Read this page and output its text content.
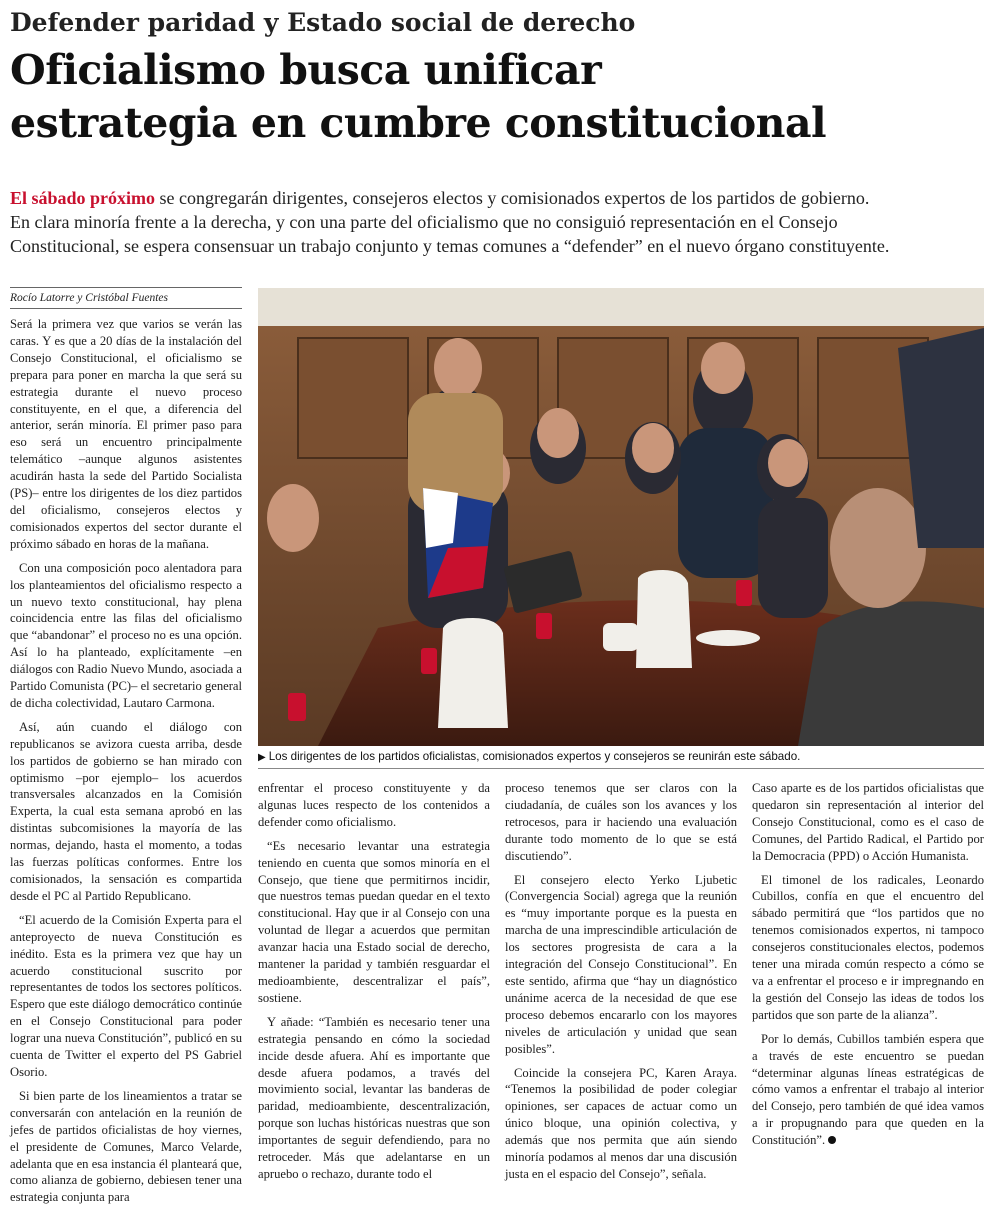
Defender paridad y Estado social de derecho
Oficialismo busca unificar
estrategia en cumbre constitucional
El sábado próximo se congregarán dirigentes, consejeros electos y comisionados expertos de los partidos de gobierno.
En clara minoría frente a la derecha, y con una parte del oficialismo que no consiguió representación en el Consejo
Constitucional, se espera consensuar un trabajo conjunto y temas comunes a “defender” en el nuevo órgano constituyente.
Rocío Latorre y Cristóbal Fuentes

Será la primera vez que varios se verán las caras. Y es que a 20 días de la instalación del Consejo Constitucional, el oficialismo se prepara para poner en marcha la que será su estrategia durante el nuevo proceso constituyente, en el que, a diferencia del anterior, serán minoría. El primer paso para eso será un encuentro principalmente telemático –aunque algunos asistentes acudirán hasta la sede del Partido Socialista (PS)– entre los dirigentes de los diez partidos del oficialismo, consejeros electos y comisionados expertos del sector durante el próximo sábado en horas de la mañana.

Con una composición poco alentadora para los planteamientos del oficialismo respecto a un nuevo texto constitucional, hay plena coincidencia entre las filas del oficialismo que “abandonar” el proceso no es una opción. Así lo ha planteado, explícitamente –en diálogos con Radio Nuevo Mundo, asociada a Partido Comunista (PC)– el secretario general de dicha colectividad, Lautaro Carmona.

Así, aún cuando el diálogo con republicanos se avizora cuesta arriba, desde los partidos de gobierno se han mirado con optimismo –por ejemplo– los acuerdos transversales alcanzados en la Comisión Experta, la cual esta semana aprobó en las distintas subcomisiones la mayoría de las normas, dejando, hasta el momento, a todas las fuerzas políticas conformes. Entre los comisionados, la sensación es compartida desde el PC al Partido Republicano.

“El acuerdo de la Comisión Experta para el anteproyecto de nueva Constitución es inédito. Esta es la primera vez que hay un acuerdo constitucional suscrito por representantes de todos los sectores políticos. Espero que este diálogo democrático continúe en el Consejo Constitucional para poder lograr una nueva Constitución”, publicó en su cuenta de Twitter el experto del PS Gabriel Osorio.

Si bien parte de los lineamientos a tratar se conversarán con antelación en la reunión de jefes de partidos oficialistas de hoy viernes, el presidente de Comunes, Marco Velarde, adelanta que en esa instancia él planteará que, como alianza de gobierno, debiesen tener una estrategia conjunta para

▶ Los dirigentes de los partidos oficialistas, comisionados expertos y consejeros se reunirán este sábado.

enfrentar el proceso constituyente y da algunas luces respecto de los contenidos a defender como oficialismo.

“Es necesario levantar una estrategia teniendo en cuenta que somos minoría en el Consejo, que tiene que permitirnos incidir, que nuestros temas puedan quedar en el texto constitucional. Hay que ir al Consejo con una voluntad de llegar a acuerdos que permitan avanzar hacia una Estado social de derecho, mantener la paridad y también resguardar el medioambiente, descentralizar el país”, sostiene.

Y añade: “También es necesario tener una estrategia pensando en cómo la sociedad incide desde afuera. Ahí es importante que desde afuera podamos, a través del movimiento social, levantar las banderas de paridad, medioambiente, descentralización, porque son luchas históricas nuestras que son importantes de seguir defendiendo, para no retroceder. Más que adelantarse en un apruebo o rechazo, durante todo el

proceso tenemos que ser claros con la ciudadanía, de cuáles son los avances y los retrocesos, para ir haciendo una evaluación durante todo momento de lo que se está discutiendo”.

El consejero electo Yerko Ljubetic (Convergencia Social) agrega que la reunión es “muy importante porque es la puesta en marcha de una imprescindible articulación de los sectores progresista de cara a la integración del Consejo Constitucional”. En este sentido, afirma que “hay un diagnóstico unánime acerca de la necesidad de que ese proceso debemos encararlo con los mayores niveles de articulación y unidad que sean posibles”.

Coincide la consejera PC, Karen Araya. “Tenemos la posibilidad de poder colegiar opiniones, ser capaces de actuar como un único bloque, una opinión colectiva, y además que nos permita que aún siendo minoría podamos al menos dar una discusión justa en el espacio del Consejo”, señala.

Caso aparte es de los partidos oficialistas que quedaron sin representación al interior del Consejo Constitucional, como es el caso de Comunes, del Partido Radical, el Partido por la Democracia (PPD) o Acción Humanista.

El timonel de los radicales, Leonardo Cubillos, confía en que el encuentro del sábado permitirá que “los partidos que no tenemos comisionados expertos, ni tampoco consejeros constitucionales electos, podemos tener una mirada común respecto a cómo se va a enfrentar el proceso e ir impregnando en la gestión del Consejo las ideas de todos los partidos que son parte de la alianza”.

Por lo demás, Cubillos también espera que a través de este encuentro se puedan “determinar algunas líneas estratégicas de cómo vamos a enfrentar el trabajo al interior del Consejo, pero también de qué idea vamos a ir propugnando para que queden en la Constitución”.
